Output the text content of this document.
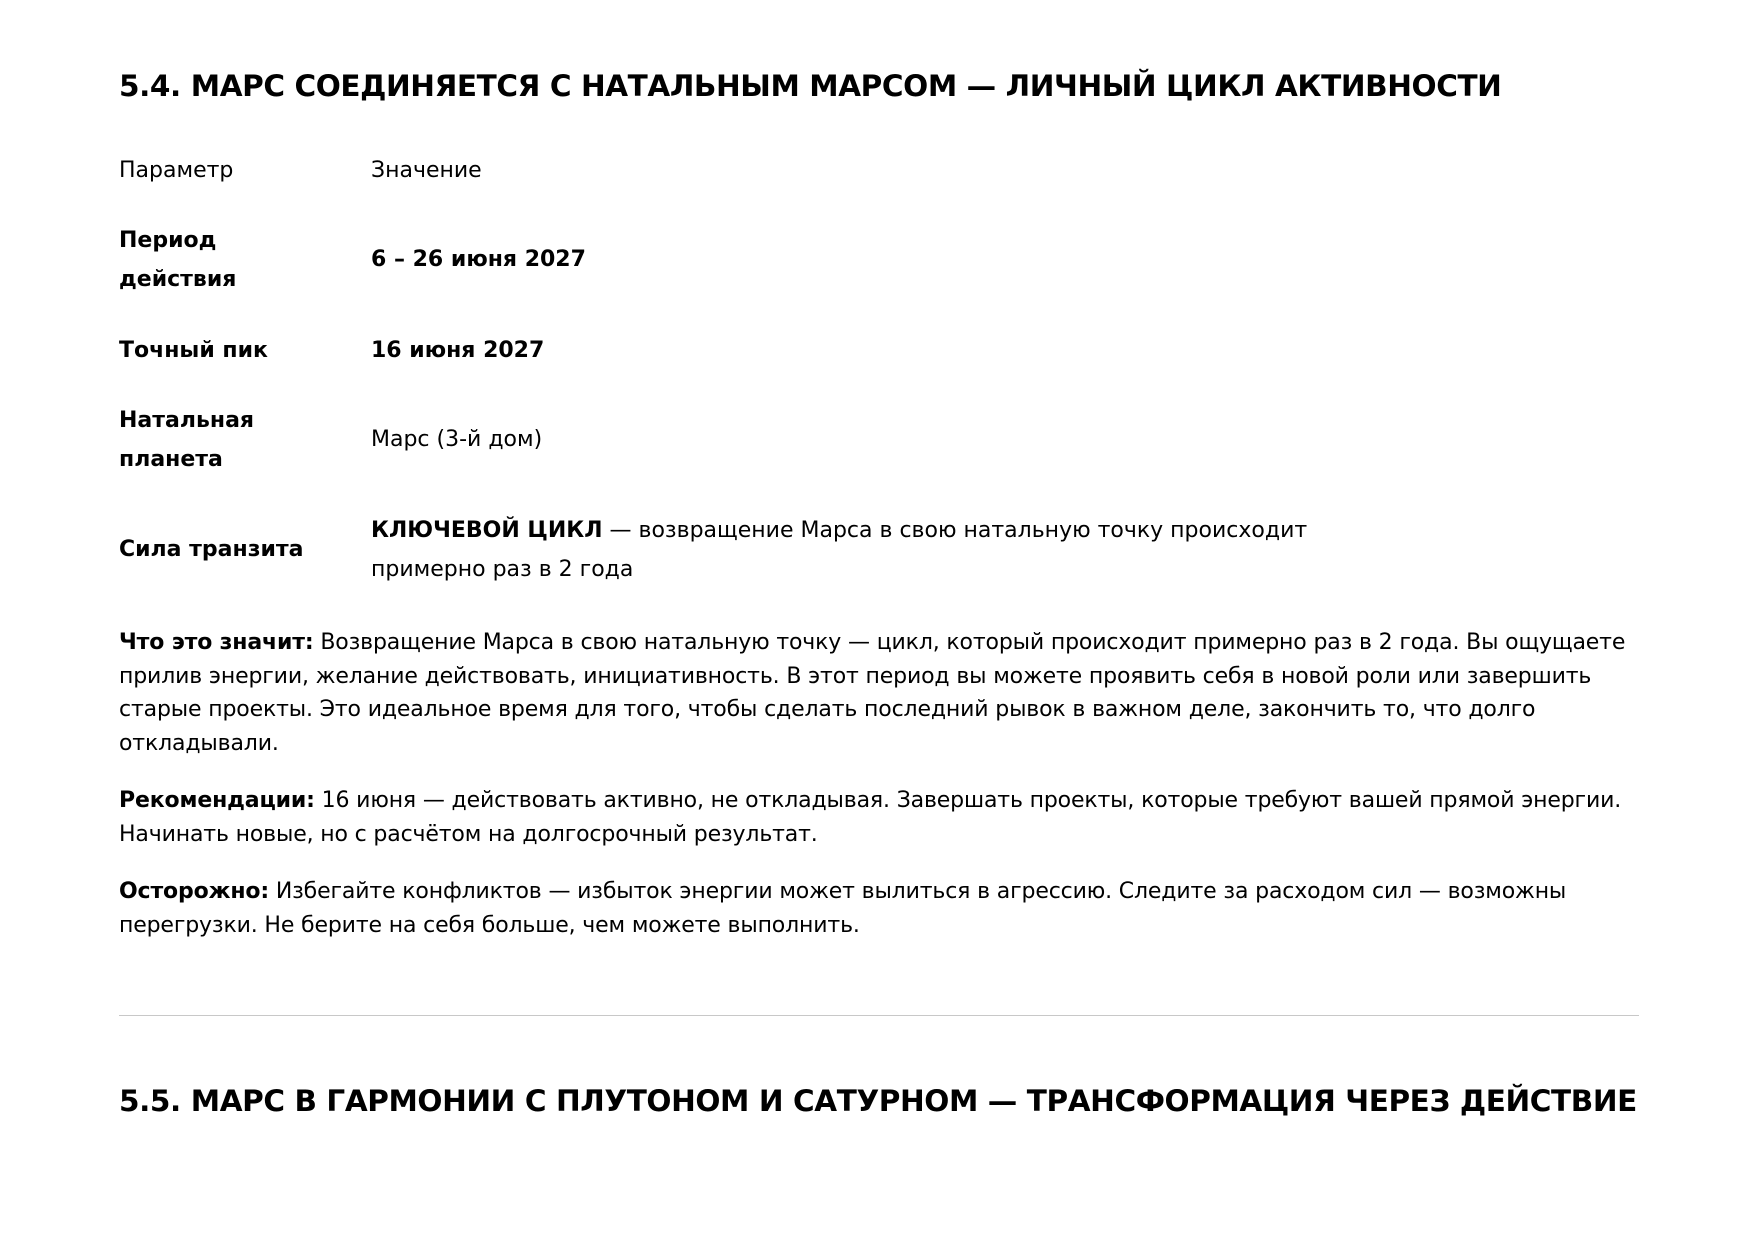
5.4. МАРС СОЕДИНЯЕТСЯ С НАТАЛЬНЫМ МАРСОМ — ЛИЧНЫЙ ЦИКЛ АКТИВНОСТИ
Параметр	Значение
Период
действия
6 – 26 июня 2027
Точный пик	16 июня 2027
Натальная
планета
Марс (3-й дом)
Сила транзита
КЛЮЧЕВОЙ ЦИКЛ — возвращение Марса в свою натальную точку происходит
примерно раз в 2 года

Что это значит: Возвращение Марса в свою натальную точку — цикл, который происходит примерно раз в 2 года. Вы ощущаете
прилив энергии, желание действовать, инициативность. В этот период вы можете проявить себя в новой роли или завершить
старые проекты. Это идеальное время для того, чтобы сделать последний рывок в важном деле, закончить то, что долго
откладывали.

Рекомендации: 16 июня — действовать активно, не откладывая. Завершать проекты, которые требуют вашей прямой энергии.
Начинать новые, но с расчётом на долгосрочный результат.

Осторожно: Избегайте конфликтов — избыток энергии может вылиться в агрессию. Следите за расходом сил — возможны
перегрузки. Не берите на себя больше, чем можете выполнить.

5.5. МАРС В ГАРМОНИИ С ПЛУТОНОМ И САТУРНОМ — ТРАНСФОРМАЦИЯ ЧЕРЕЗ ДЕЙСТВИЕ
